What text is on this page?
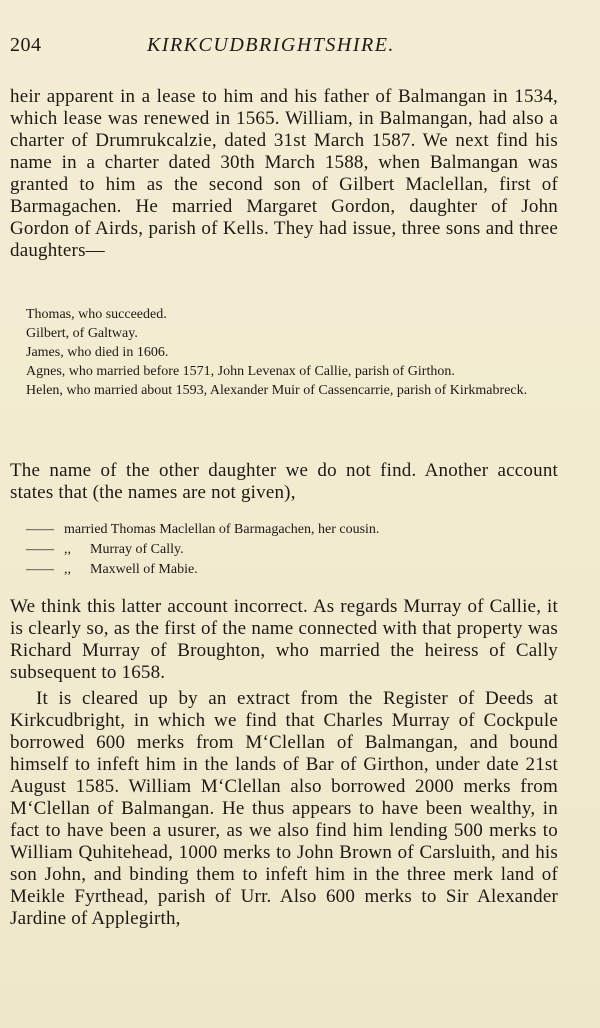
204	KIRKCUDBRIGHTSHIRE.

heir apparent in a lease to him and his father of Balmangan in 1534, which lease was renewed in 1565. William, in Balmangan, had also a charter of Drumrukcalzie, dated 31st March 1587. We next find his name in a charter dated 30th March 1588, when Balmangan was granted to him as the second son of Gilbert Maclellan, first of Barmagachen. He married Margaret Gordon, daughter of John Gordon of Airds, parish of Kells. They had issue, three sons and three daughters—

Thomas, who succeeded.
Gilbert, of Galtway.
James, who died in 1606.
Agnes, who married before 1571, John Levenax of Callie, parish of Girthon.
Helen, who married about 1593, Alexander Muir of Cassencarrie, parish of Kirkmabreck.

The name of the other daughter we do not find. Another account states that (the names are not given),

—— married Thomas Maclellan of Barmagachen, her cousin.
—— ,, Murray of Cally.
—— ,, Maxwell of Mabie.

We think this latter account incorrect. As regards Murray of Callie, it is clearly so, as the first of the name connected with that property was Richard Murray of Broughton, who married the heiress of Cally subsequent to 1658.

It is cleared up by an extract from the Register of Deeds at Kirkcudbright, in which we find that Charles Murray of Cockpule borrowed 600 merks from M‘Clellan of Balmangan, and bound himself to infeft him in the lands of Bar of Girthon, under date 21st August 1585. William M‘Clellan also borrowed 2000 merks from M‘Clellan of Balmangan. He thus appears to have been wealthy, in fact to have been a usurer, as we also find him lending 500 merks to William Quhitehead, 1000 merks to John Brown of Carsluith, and his son John, and binding them to infeft him in the three merk land of Meikle Fyrthead, parish of Urr. Also 600 merks to Sir Alexander Jardine of Applegirth,
